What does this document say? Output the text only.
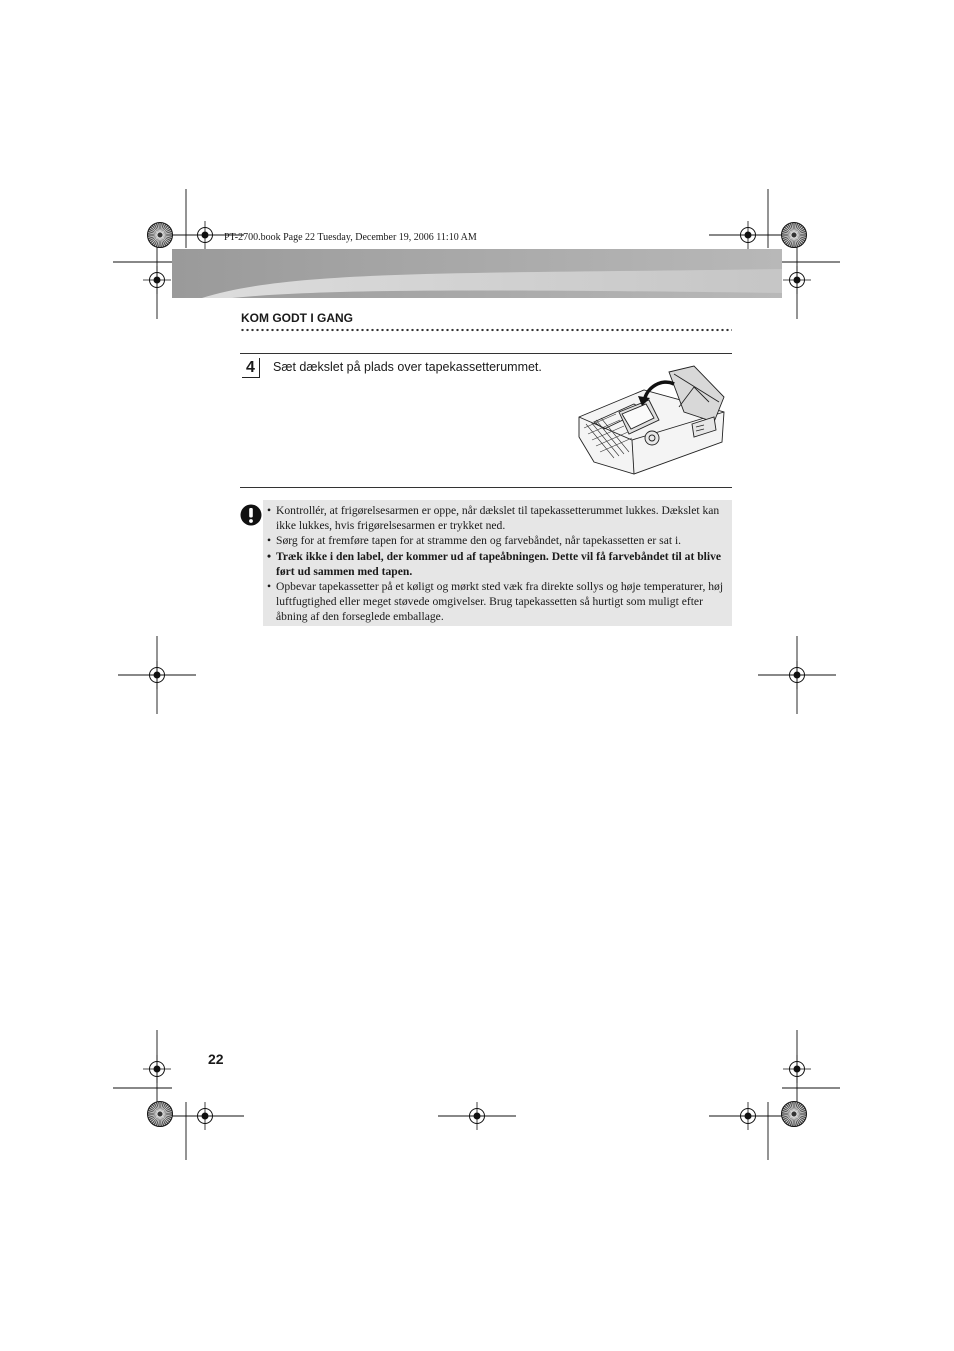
PT-2700.book Page 22 Tuesday, December 19, 2006 11:10 AM
KOM GODT I GANG
4	Sæt dækslet på plads over tapekassetterummet.
• Kontrollér, at frigørelsesarmen er oppe, når dækslet til tapekassetterummet lukkes. Dækslet kan ikke lukkes, hvis frigørelsesarmen er trykket ned.
• Sørg for at fremføre tapen for at stramme den og farvebåndet, når tapekassetten er sat i.
• Træk ikke i den label, der kommer ud af tapeåbningen. Dette vil få farvebåndet til at blive ført ud sammen med tapen.
• Opbevar tapekassetter på et køligt og mørkt sted væk fra direkte sollys og høje temperaturer, høj luftfugtighed eller meget støvede omgivelser. Brug tapekassetten så hurtigt som muligt efter åbning af den forseglede emballage.
22
